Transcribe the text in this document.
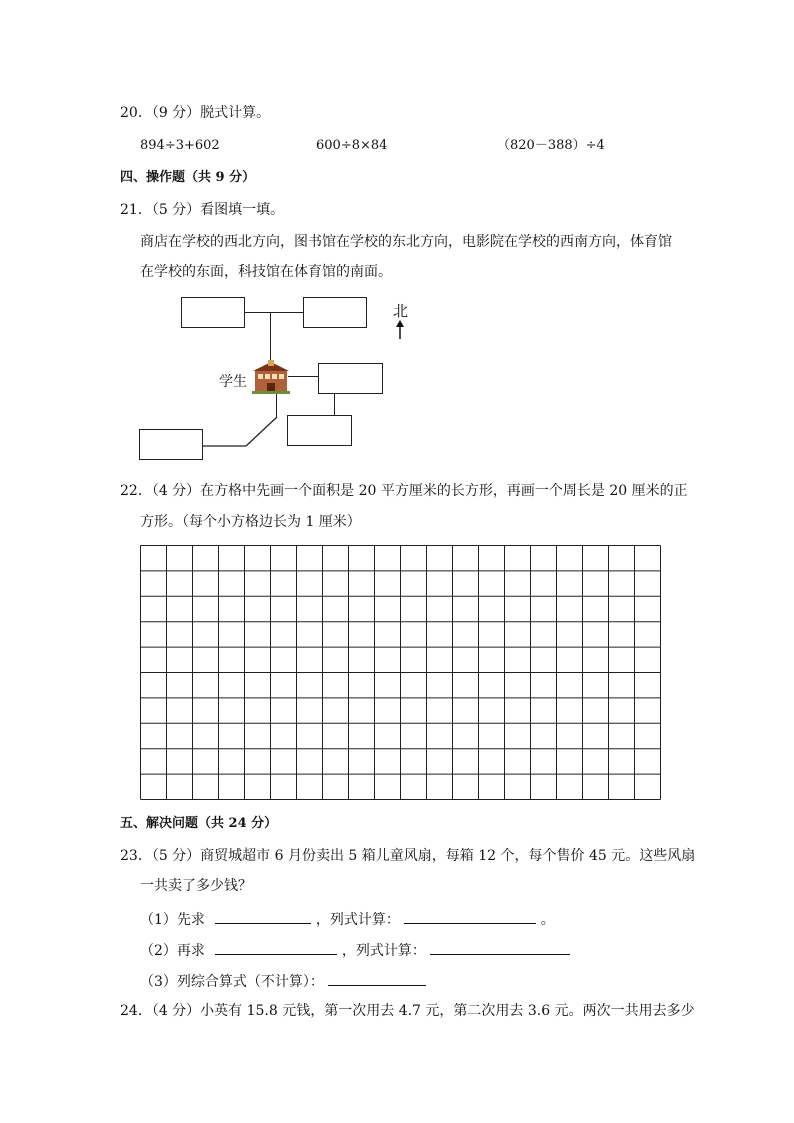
20．（9 分）脱式计算。
894÷3+602	600÷8×84	（820－388）÷4
四、操作题（共 9 分）
21．（5 分）看图填一填。
商店在学校的西北方向，图书馆在学校的东北方向，电影院在学校的西南方向，体育馆
在学校的东面，科技馆在体育馆的南面。
学生
北
22．（4 分）在方格中先画一个面积是 20 平方厘米的长方形，再画一个周长是 20 厘米的正
方形。（每个小方格边长为 1 厘米）
五、解决问题（共 24 分）
23．（5 分）商贸城超市 6 月份卖出 5 箱儿童风扇，每箱 12 个，每个售价 45 元。这些风扇
一共卖了多少钱？
（1）先求	，列式计算：	。
（2）再求	，列式计算：
（3）列综合算式（不计算）：
24．（4 分）小英有 15.8 元钱，第一次用去 4.7 元，第二次用去 3.6 元。两次一共用去多少
